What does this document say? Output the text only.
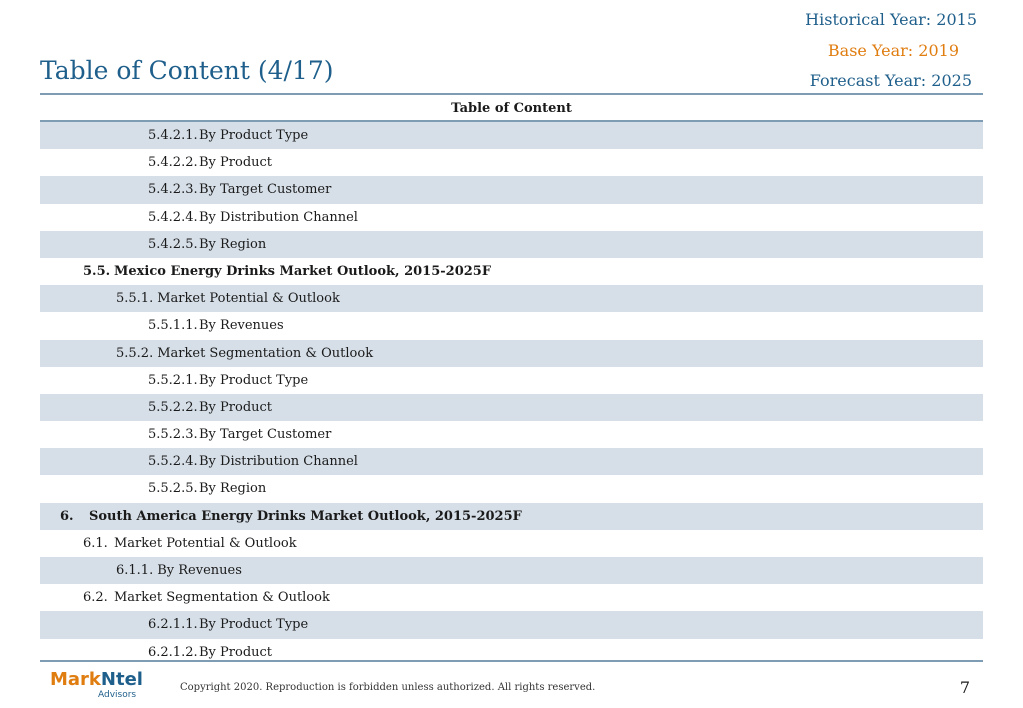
Historical Year: 2015
Base Year: 2019
Forecast Year: 2025
Table of Content (4/17)
Table of Content
5.4.2.1.By Product Type
5.4.2.2.By Product
5.4.2.3.By Target Customer
5.4.2.4.By Distribution Channel
5.4.2.5.By Region
5.5. Mexico Energy Drinks Market Outlook, 2015-2025F
5.5.1. Market Potential & Outlook
5.5.1.1.By Revenues
5.5.2. Market Segmentation & Outlook
5.5.2.1.By Product Type
5.5.2.2.By Product
5.5.2.3.By Target Customer
5.5.2.4.By Distribution Channel
5.5.2.5.By Region
6. South America Energy Drinks Market Outlook, 2015-2025F
6.1. Market Potential & Outlook
6.1.1. By Revenues
6.2. Market Segmentation & Outlook
6.2.1.1.By Product Type
6.2.1.2.By Product
MarkNtel
Advisors
Copyright 2020. Reproduction is forbidden unless authorized. All rights reserved.	7
